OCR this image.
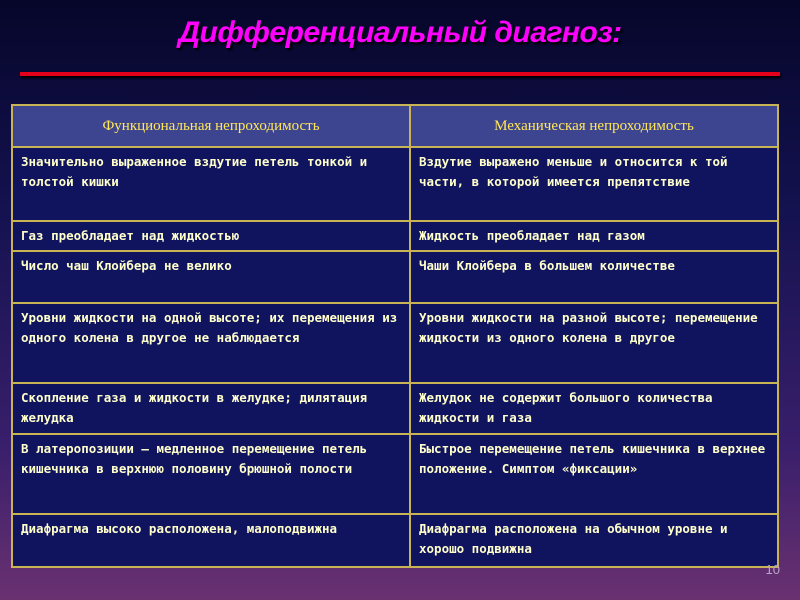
Дифференциальный диагноз:
Функциональная непроходимость	Механическая непроходимость
Значительно выраженное вздутие петель тонкой и толстой кишки	Вздутие выражено меньше и относится к той части, в которой имеется препятствие
Газ преобладает над жидкостью	Жидкость преобладает над газом
Число чаш Клойбера не велико	Чаши Клойбера в большем количестве
Уровни жидкости на одной высоте; их перемещения из одного колена в другое не наблюдается	Уровни жидкости на разной высоте; перемещение жидкости из одного колена в другое
Скопление газа и жидкости в желудке; дилятация желудка	Желудок не содержит большого количества жидкости и газа
В латеропозиции – медленное перемещение петель кишечника в верхнюю половину брюшной полости	Быстрое перемещение петель кишечника в верхнее положение. Симптом «фиксации»
Диафрагма высоко расположена, малоподвижна	Диафрагма расположена на обычном уровне и хорошо подвижна
10
